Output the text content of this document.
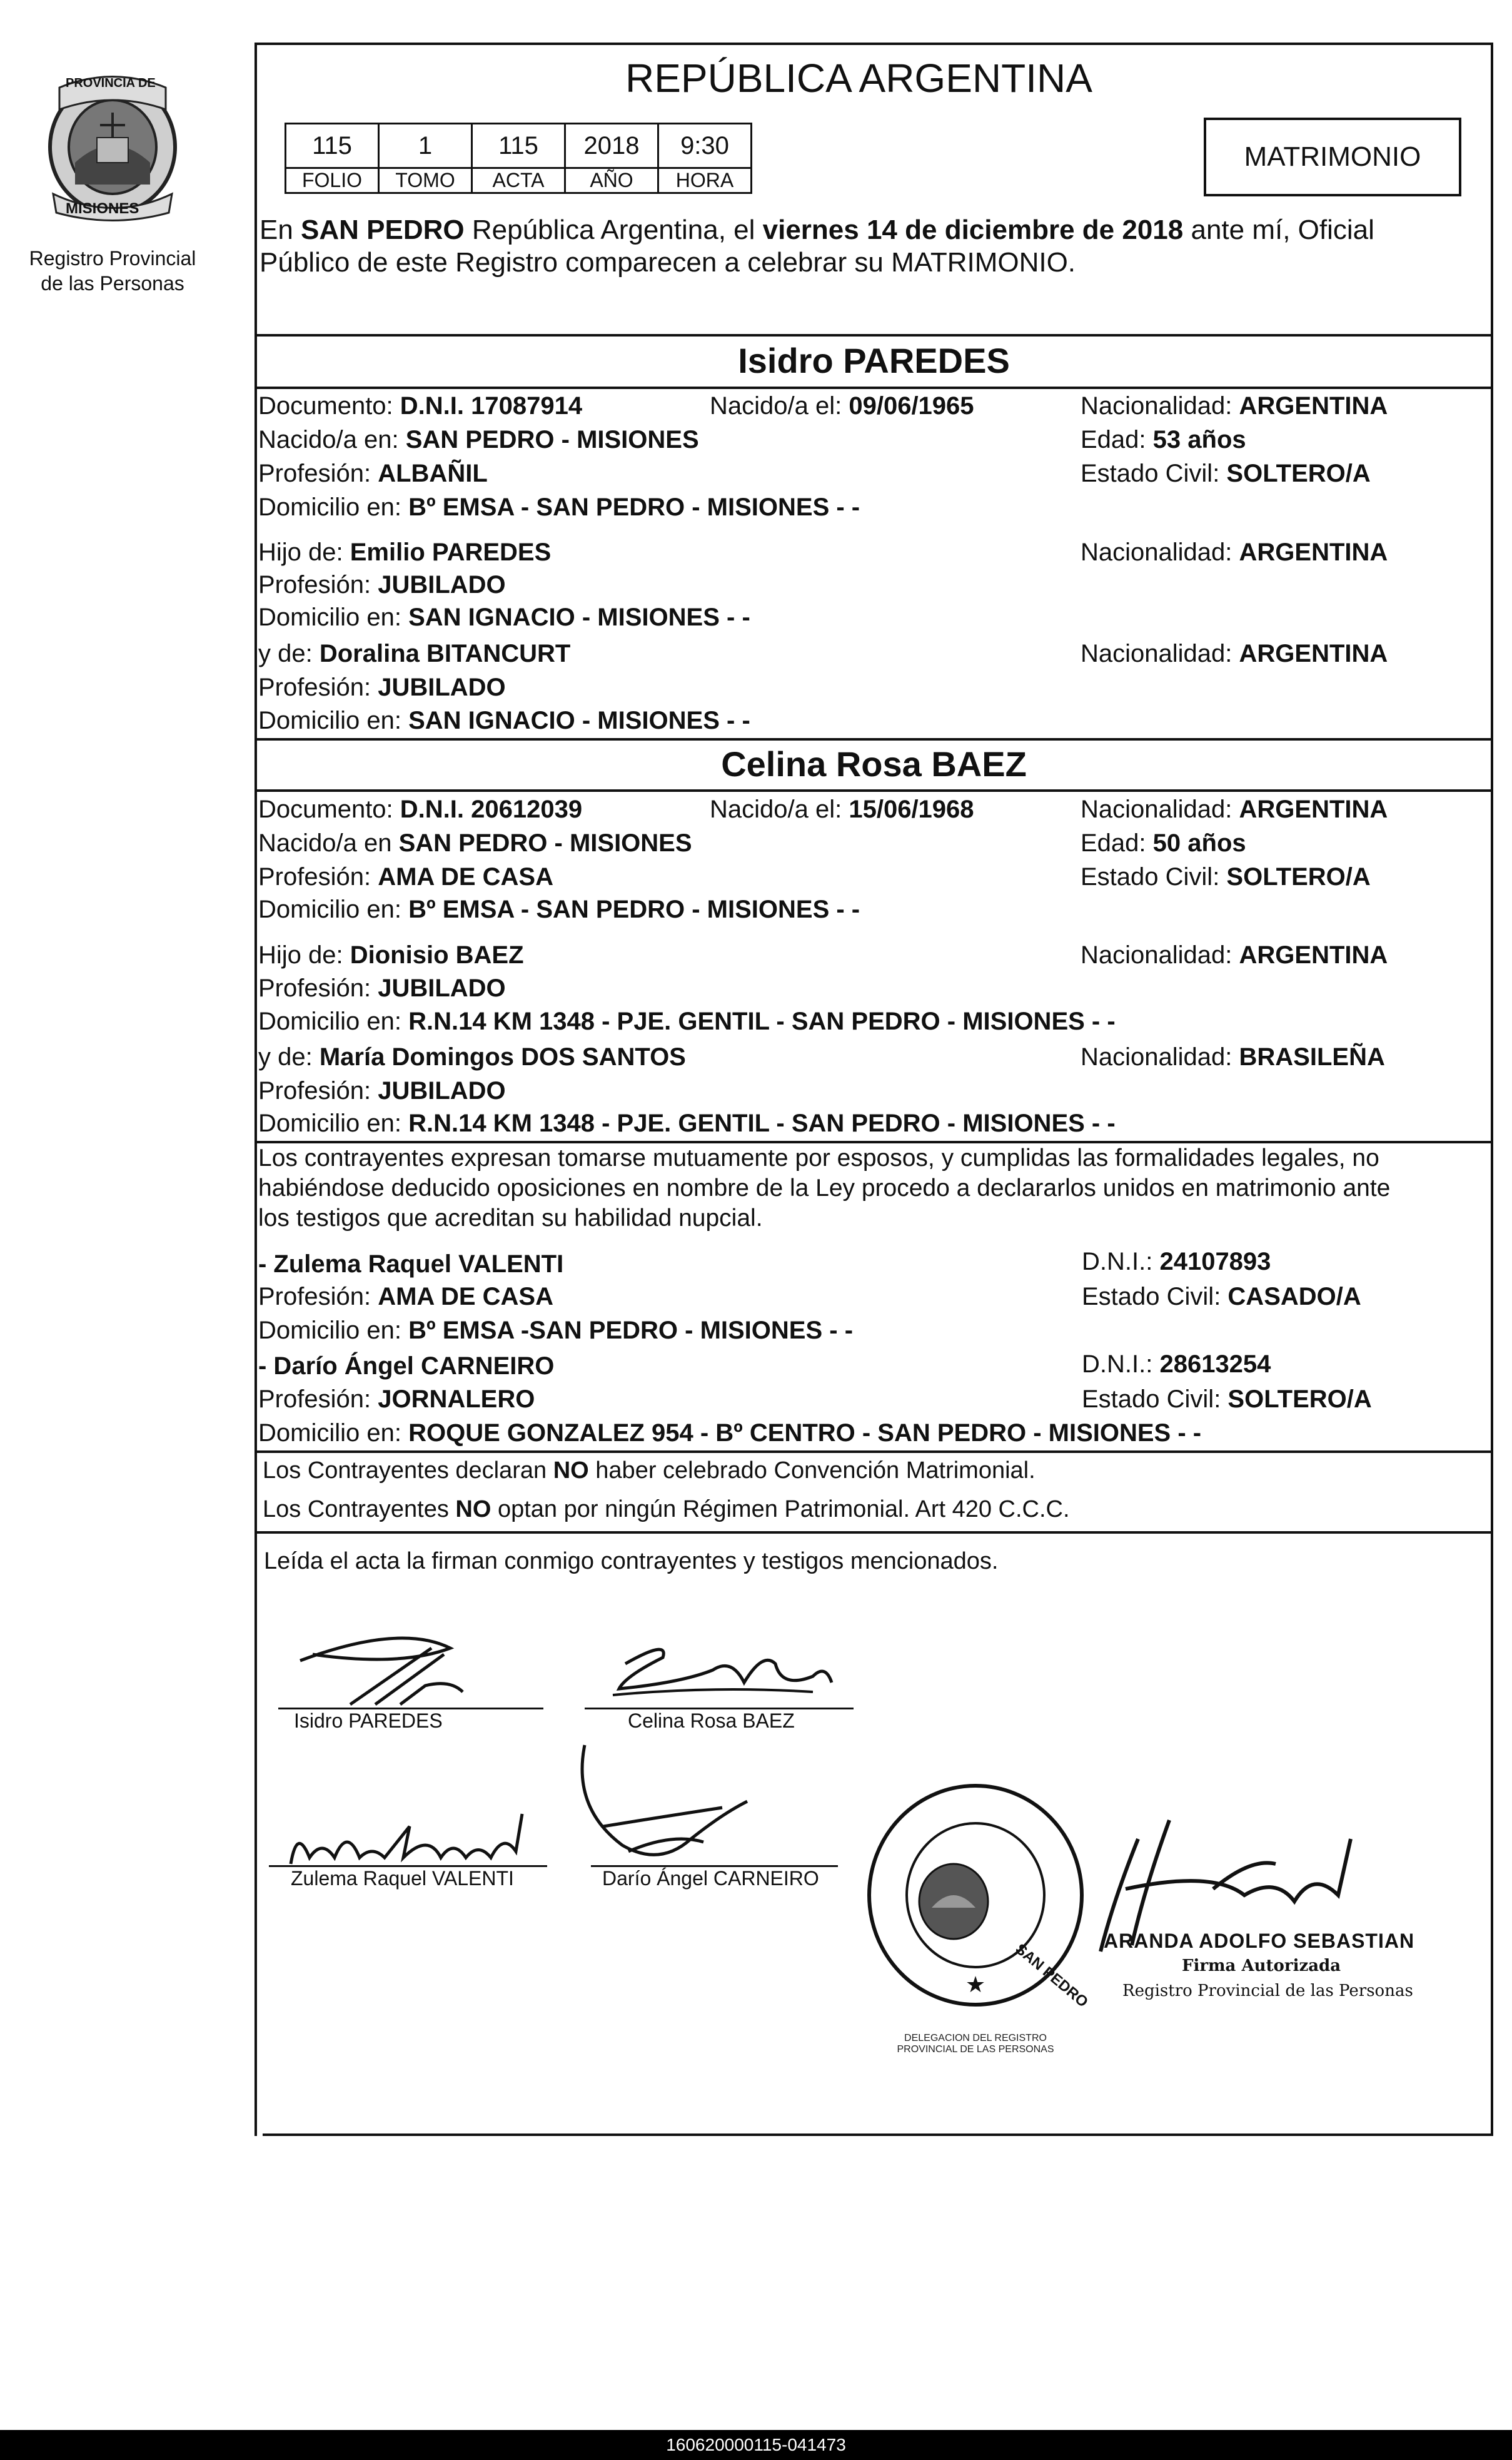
PROVINCIA DE
MISIONES
Registro Provincial
de las Personas
REPÚBLICA ARGENTINA
115	1	115	2018	9:30
FOLIO	TOMO	ACTA	AÑO	HORA
MATRIMONIO
En SAN PEDRO República Argentina, el viernes 14 de diciembre de 2018 ante mí, Oficial
Público de este Registro comparecen a celebrar su MATRIMONIO.
Isidro PAREDES
Documento: D.N.I. 17087914	Nacido/a el: 09/06/1965	Nacionalidad: ARGENTINA
Nacido/a en: SAN PEDRO - MISIONES	Edad: 53 años
Profesión: ALBAÑIL	Estado Civil: SOLTERO/A
Domicilio en: Bº EMSA - SAN PEDRO - MISIONES - -
Hijo de: Emilio PAREDES	Nacionalidad: ARGENTINA
Profesión: JUBILADO
Domicilio en: SAN IGNACIO - MISIONES - -
y de: Doralina BITANCURT	Nacionalidad: ARGENTINA
Profesión: JUBILADO
Domicilio en: SAN IGNACIO - MISIONES - -
Celina Rosa BAEZ
Documento: D.N.I. 20612039	Nacido/a el: 15/06/1968	Nacionalidad: ARGENTINA
Nacido/a en SAN PEDRO - MISIONES	Edad: 50 años
Profesión: AMA DE CASA	Estado Civil: SOLTERO/A
Domicilio en: Bº EMSA - SAN PEDRO - MISIONES - -
Hijo de: Dionisio BAEZ	Nacionalidad: ARGENTINA
Profesión: JUBILADO
Domicilio en: R.N.14 KM 1348 - PJE. GENTIL - SAN PEDRO - MISIONES - -
y de: María Domingos DOS SANTOS	Nacionalidad: BRASILEÑA
Profesión: JUBILADO
Domicilio en: R.N.14 KM 1348 - PJE. GENTIL - SAN PEDRO - MISIONES - -
Los contrayentes expresan tomarse mutuamente por esposos, y cumplidas las formalidades legales, no
habiéndose deducido oposiciones en nombre de la Ley procedo a declararlos unidos en matrimonio ante
los testigos que acreditan su habilidad nupcial.
- Zulema Raquel VALENTI	D.N.I.: 24107893
Profesión: AMA DE CASA	Estado Civil: CASADO/A
Domicilio en: Bº EMSA -SAN PEDRO - MISIONES - -
- Darío Ángel CARNEIRO	D.N.I.: 28613254
Profesión: JORNALERO	Estado Civil: SOLTERO/A
Domicilio en: ROQUE GONZALEZ 954 - Bº CENTRO - SAN PEDRO - MISIONES - -
Los Contrayentes declaran NO haber celebrado Convención Matrimonial.
Los Contrayentes NO optan por ningún Régimen Patrimonial. Art 420 C.C.C.
Leída el acta la firman conmigo contrayentes y testigos mencionados.
Isidro PAREDES	Celina Rosa BAEZ
Zulema Raquel VALENTI	Darío Ángel CARNEIRO
★
DELEGACION DEL REGISTRO PROVINCIAL DE LAS PERSONAS
SAN PEDRO ARANDA ADOLFO SEBASTIAN
Firma Autorizada
Registro Provincial de las Personas
160620000115-041473
